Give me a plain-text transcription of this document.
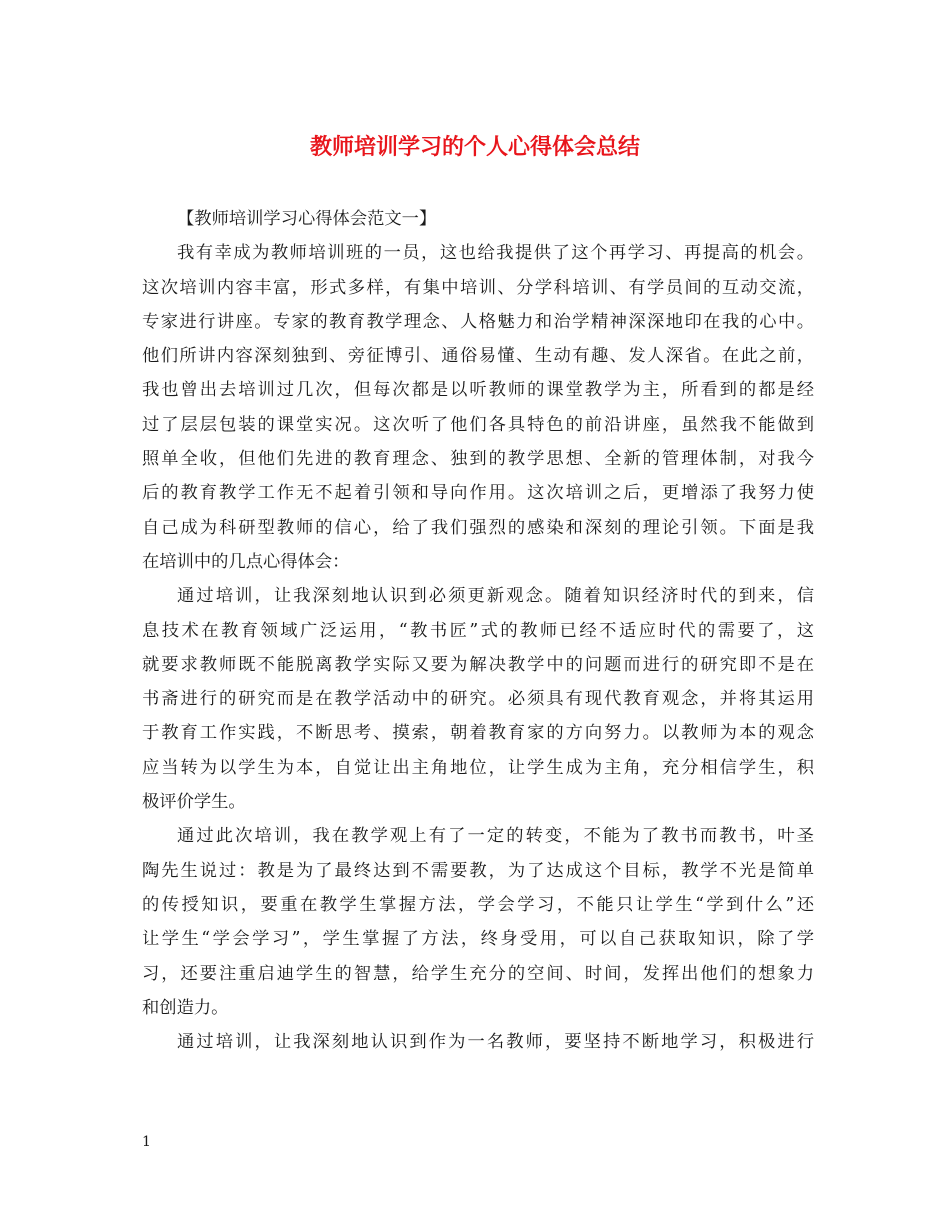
教师培训学习的个人心得体会总结
【教师培训学习心得体会范文一】
我有幸成为教师培训班的一员，这也给我提供了这个再学习、再提高的机会。
这次培训内容丰富，形式多样，有集中培训、分学科培训、有学员间的互动交流，
专家进行讲座。专家的教育教学理念、人格魅力和治学精神深深地印在我的心中。
他们所讲内容深刻独到、旁征博引、通俗易懂、生动有趣、发人深省。在此之前，
我也曾出去培训过几次，但每次都是以听教师的课堂教学为主，所看到的都是经
过了层层包装的课堂实况。这次听了他们各具特色的前沿讲座，虽然我不能做到
照单全收，但他们先进的教育理念、独到的教学思想、全新的管理体制，对我今
后的教育教学工作无不起着引领和导向作用。这次培训之后，更增添了我努力使
自己成为科研型教师的信心，给了我们强烈的感染和深刻的理论引领。下面是我
在培训中的几点心得体会：
通过培训，让我深刻地认识到必须更新观念。随着知识经济时代的到来，信
息技术在教育领域广泛运用，“教书匠”式的教师已经不适应时代的需要了，这
就要求教师既不能脱离教学实际又要为解决教学中的问题而进行的研究即不是在
书斋进行的研究而是在教学活动中的研究。必须具有现代教育观念，并将其运用
于教育工作实践，不断思考、摸索，朝着教育家的方向努力。以教师为本的观念
应当转为以学生为本，自觉让出主角地位，让学生成为主角，充分相信学生，积
极评价学生。
通过此次培训，我在教学观上有了一定的转变，不能为了教书而教书，叶圣
陶先生说过：教是为了最终达到不需要教，为了达成这个目标，教学不光是简单
的传授知识，要重在教学生掌握方法，学会学习，不能只让学生“学到什么”还
让学生“学会学习”，学生掌握了方法，终身受用，可以自己获取知识，除了学
习，还要注重启迪学生的智慧，给学生充分的空间、时间，发挥出他们的想象力
和创造力。
通过培训，让我深刻地认识到作为一名教师，要坚持不断地学习，积极进行
1
